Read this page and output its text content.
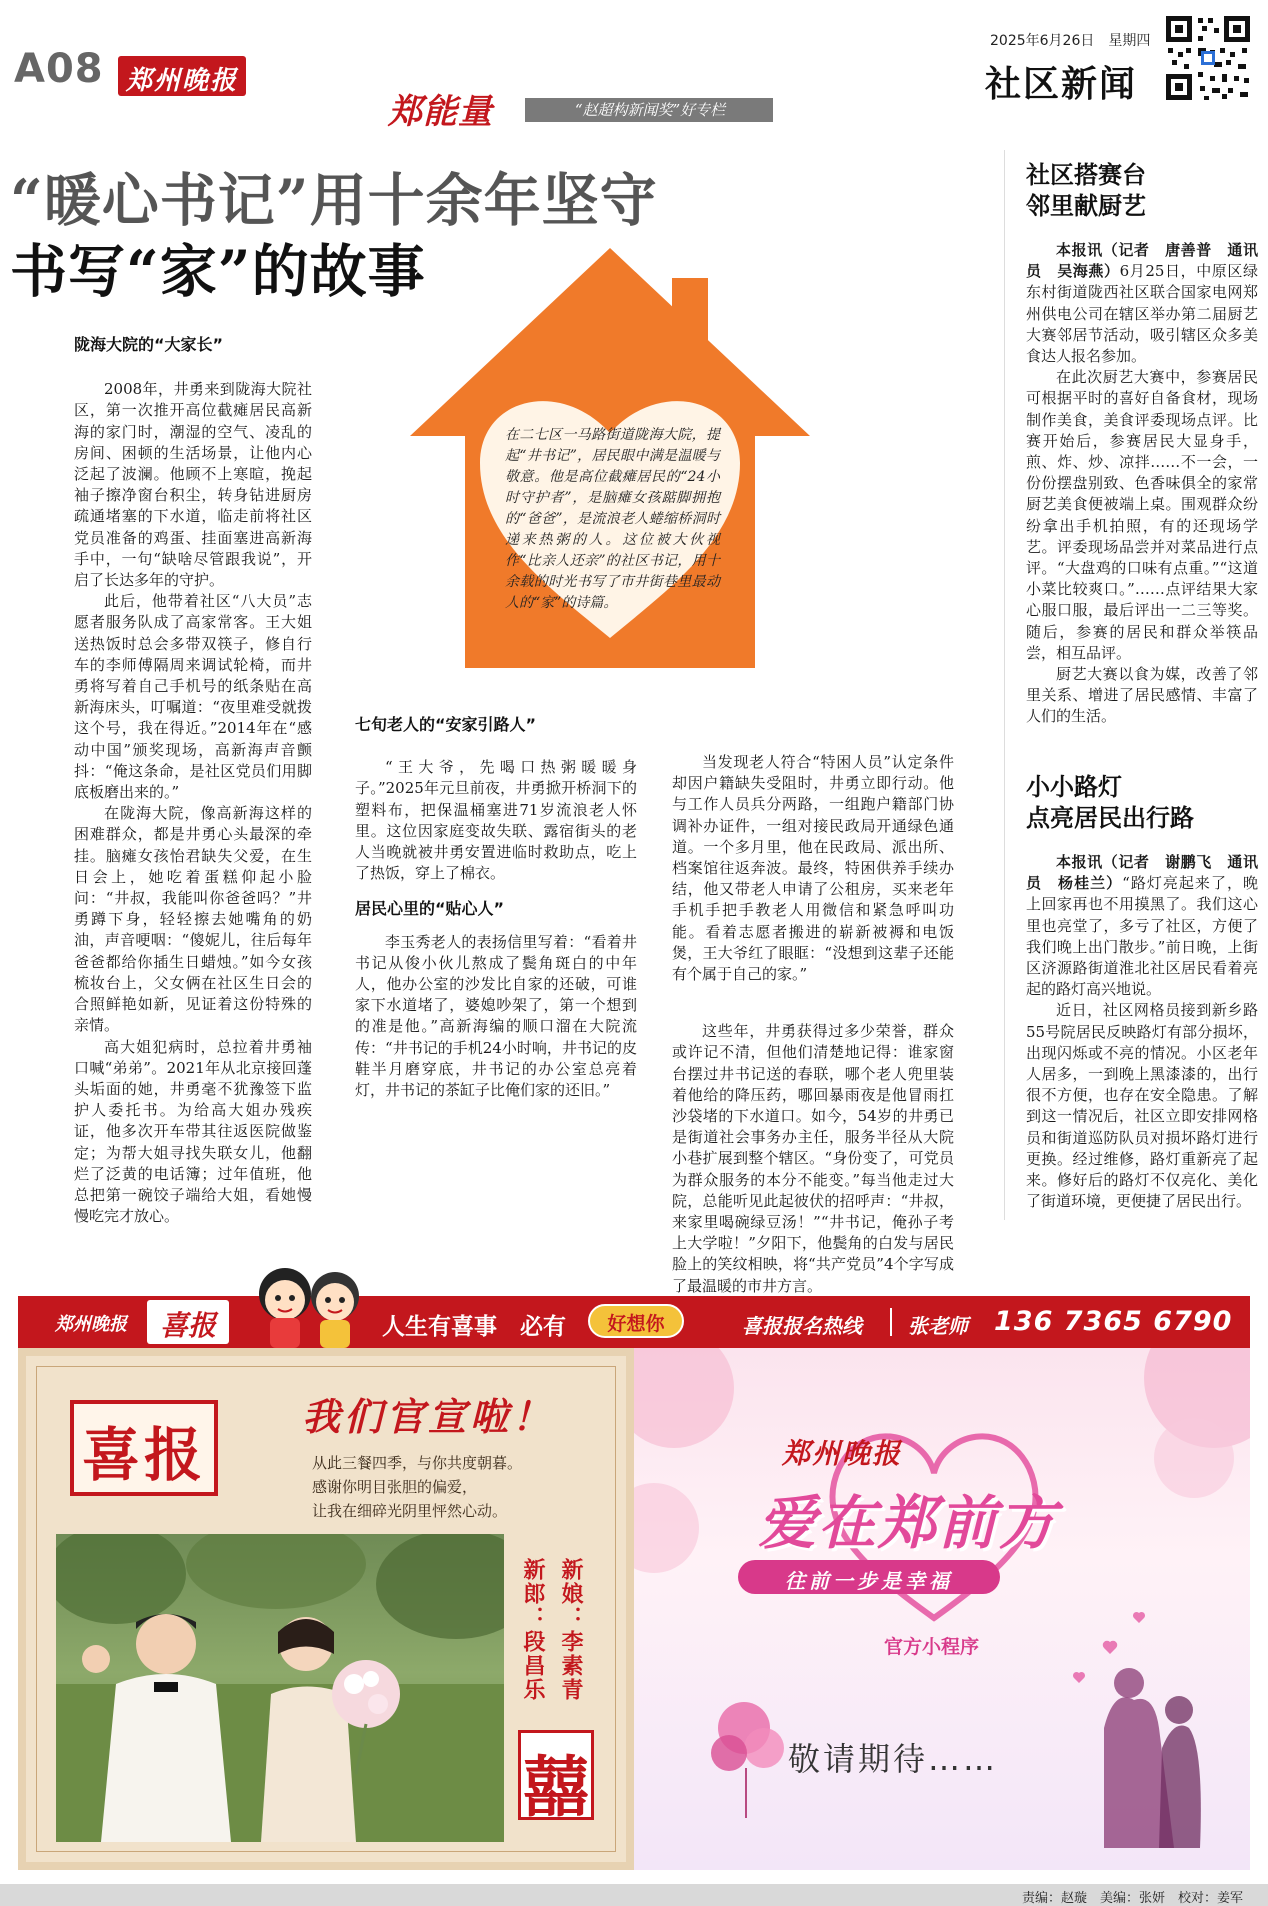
A08 郑州晚报
2025年6月26日　星期四
社区新闻
郑能量	“赵超构新闻奖”好专栏
“暖心书记”用十余年坚守
书写“家”的故事
在二七区一马路街道陇海大院，提起“井书记”，居民眼中满是温暖与敬意。他是高位截瘫居民的“24小时守护者”，是脑瘫女孩踮脚拥抱的“爸爸”，是流浪老人蜷缩桥洞时递来热粥的人。这位被大伙视作“比亲人还亲”的社区书记，用十余载的时光书写了市井街巷里最动人的“家”的诗篇。
陇海大院的“大家长”

2008年，井勇来到陇海大院社区，第一次推开高位截瘫居民高新海的家门时，潮湿的空气、凌乱的房间、困顿的生活场景，让他内心泛起了波澜。他顾不上寒暄，挽起袖子擦净窗台积尘，转身钻进厨房疏通堵塞的下水道，临走前将社区党员准备的鸡蛋、挂面塞进高新海手中，一句“缺啥尽管跟我说”，开启了长达多年的守护。

此后，他带着社区“八大员”志愿者服务队成了高家常客。王大姐送热饭时总会多带双筷子，修自行车的李师傅隔周来调试轮椅，而井勇将写着自己手机号的纸条贴在高新海床头，叮嘱道：“夜里难受就拨这个号，我在得近。”2014年在“感动中国”颁奖现场，高新海声音颤抖：“俺这条命，是社区党员们用脚底板磨出来的。”

在陇海大院，像高新海这样的困难群众，都是井勇心头最深的牵挂。脑瘫女孩怡君缺失父爱，在生日会上，她吃着蛋糕仰起小脸问：“井叔，我能叫你爸爸吗？”井勇蹲下身，轻轻擦去她嘴角的奶油，声音哽咽：“傻妮儿，往后每年爸爸都给你插生日蜡烛。”如今女孩梳妆台上，父女俩在社区生日会的合照鲜艳如新，见证着这份特殊的亲情。

高大姐犯病时，总拉着井勇袖口喊“弟弟”。2021年从北京接回蓬头垢面的她，井勇毫不犹豫签下监护人委托书。为给高大姐办残疾证，他多次开车带其往返医院做鉴定；为帮大姐寻找失联女儿，他翻烂了泛黄的电话簿；过年值班，他总把第一碗饺子端给大姐，看她慢慢吃完才放心。

七旬老人的“安家引路人”

“王大爷，先喝口热粥暖暖身子。”2025年元旦前夜，井勇掀开桥洞下的塑料布，把保温桶塞进71岁流浪老人怀里。这位因家庭变故失联、露宿街头的老人当晚就被井勇安置进临时救助点，吃上了热饭，穿上了棉衣。

居民心里的“贴心人”

李玉秀老人的表扬信里写着：“看着井书记从俊小伙儿熬成了鬓角斑白的中年人，他办公室的沙发比自家的还破，可谁家下水道堵了，婆媳吵架了，第一个想到的准是他。”高新海编的顺口溜在大院流传：“井书记的手机24小时响，井书记的皮鞋半月磨穿底，井书记的办公室总亮着灯，井书记的茶缸子比俺们家的还旧。”

当发现老人符合“特困人员”认定条件却因户籍缺失受阻时，井勇立即行动。他与工作人员兵分两路，一组跑户籍部门协调补办证件，一组对接民政局开通绿色通道。一个多月里，他在民政局、派出所、档案馆往返奔波。最终，特困供养手续办结，他又带老人申请了公租房，买来老年手机手把手教老人用微信和紧急呼叫功能。看着志愿者搬进的崭新被褥和电饭煲，王大爷红了眼眶：“没想到这辈子还能有个属于自己的家。”

这些年，井勇获得过多少荣誉，群众或许记不清，但他们清楚地记得：谁家窗台摆过井书记送的春联，哪个老人兜里装着他给的降压药，哪回暴雨夜是他冒雨扛沙袋堵的下水道口。如今，54岁的井勇已是街道社会事务办主任，服务半径从大院小巷扩展到整个辖区。“身份变了，可党员为群众服务的本分不能变。”每当他走过大院，总能听见此起彼伏的招呼声：“井叔，来家里喝碗绿豆汤！”“井书记，俺孙子考上大学啦！”夕阳下，他鬓角的白发与居民脸上的笑纹相映，将“共产党员”4个字写成了最温暖的市井方言。

社区搭赛台
邻里献厨艺

本报讯（记者　唐善普　通讯员　吴海燕）6月25日，中原区绿东村街道陇西社区联合国家电网郑州供电公司在辖区举办第二届厨艺大赛邻居节活动，吸引辖区众多美食达人报名参加。

在此次厨艺大赛中，参赛居民可根据平时的喜好自备食材，现场制作美食，美食评委现场点评。比赛开始后，参赛居民大显身手，煎、炸、炒、凉拌……不一会，一份份摆盘别致、色香味俱全的家常厨艺美食便被端上桌。围观群众纷纷拿出手机拍照，有的还现场学艺。评委现场品尝并对菜品进行点评。“大盘鸡的口味有点重。”“这道小菜比较爽口。”……点评结果大家心服口服，最后评出一二三等奖。随后，参赛的居民和群众举筷品尝，相互品评。

厨艺大赛以食为媒，改善了邻里关系、增进了居民感情、丰富了人们的生活。

小小路灯
点亮居民出行路

本报讯（记者　谢鹏飞　通讯员　杨桂兰）“路灯亮起来了，晚上回家再也不用摸黑了。我们这心里也亮堂了，多亏了社区，方便了我们晚上出门散步。”前日晚，上街区济源路街道淮北社区居民看着亮起的路灯高兴地说。

近日，社区网格员接到新乡路55号院居民反映路灯有部分损坏，出现闪烁或不亮的情况。小区老年人居多，一到晚上黑漆漆的，出行很不方便，也存在安全隐患。了解到这一情况后，社区立即安排网格员和街道巡防队员对损坏路灯进行更换。经过维修，路灯重新亮了起来。修好后的路灯不仅亮化、美化了街道环境，更便捷了居民出行。

郑州晚报	喜报	人生有喜事　必有	好想你	喜报报名热线 张老师 136 7365 6790
喜报
我们官宣啦！
从此三餐四季，与你共度朝暮。
感谢你明目张胆的偏爱，
让我在细碎光阴里怦然心动。
新娘：李素青
新郎：段昌乐
囍
郑州晚报
爱在郑前方
往前一步是幸福
官方小程序
敬请期待……
责编：赵璇　美编：张妍　校对：姜军
